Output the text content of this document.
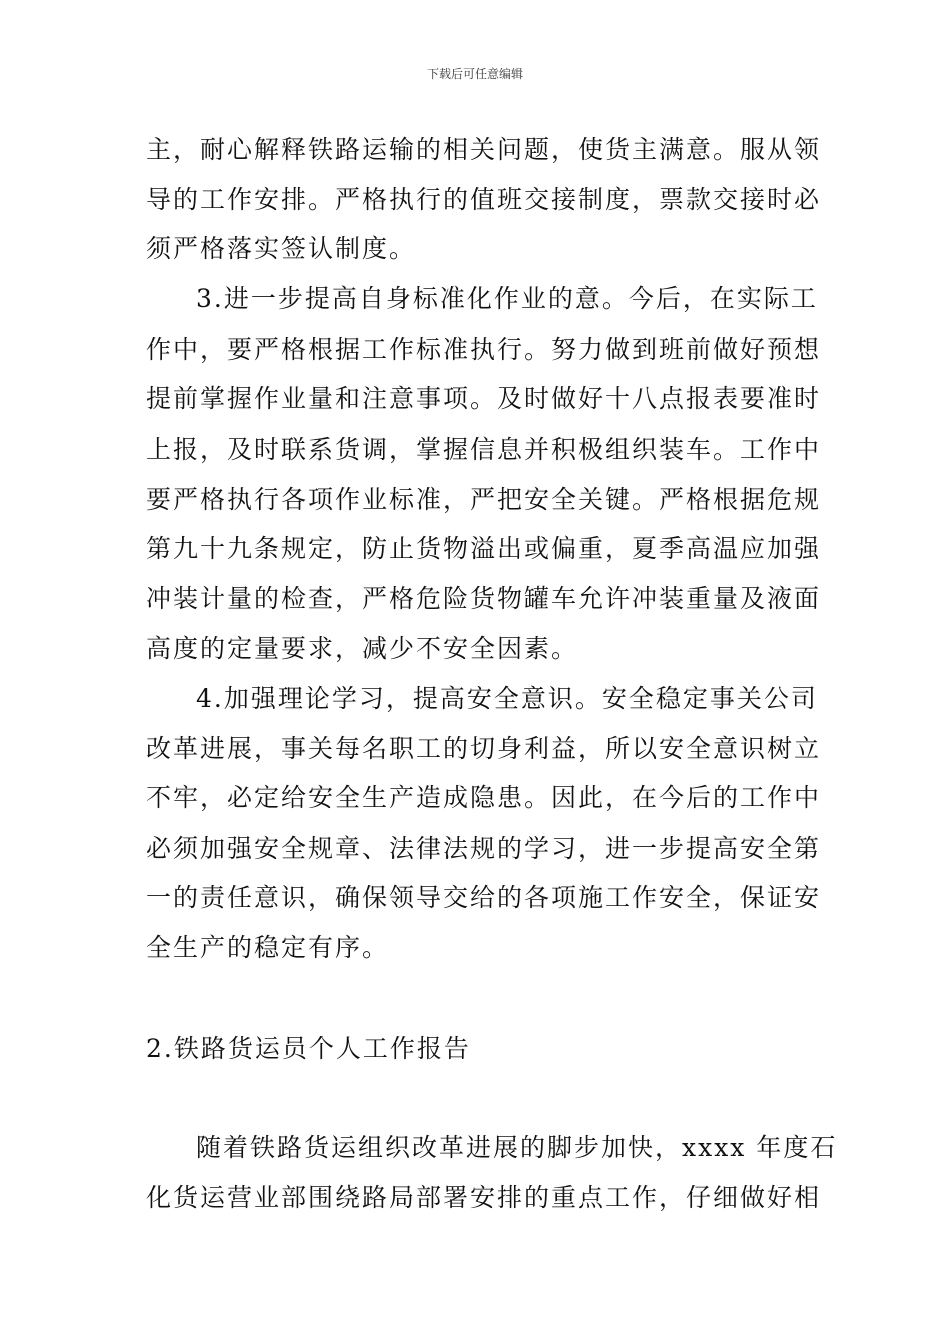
下载后可任意编辑
主，耐心解释铁路运输的相关问题，使货主满意。服从领
导的工作安排。严格执行的值班交接制度，票款交接时必
须严格落实签认制度。
3.进一步提高自身标准化作业的意。今后，在实际工
作中，要严格根据工作标准执行。努力做到班前做好预想
提前掌握作业量和注意事项。及时做好十八点报表要准时
上报，及时联系货调，掌握信息并积极组织装车。工作中
要严格执行各项作业标准，严把安全关键。严格根据危规
第九十九条规定，防止货物溢出或偏重，夏季高温应加强
冲装计量的检查，严格危险货物罐车允许冲装重量及液面
高度的定量要求，减少不安全因素。
4.加强理论学习，提高安全意识。安全稳定事关公司
改革进展，事关每名职工的切身利益，所以安全意识树立
不牢，必定给安全生产造成隐患。因此，在今后的工作中
必须加强安全规章、法律法规的学习，进一步提高安全第
一的责任意识，确保领导交给的各项施工作安全，保证安
全生产的稳定有序。
2.铁路货运员个人工作报告
随着铁路货运组织改革进展的脚步加快，xxxx 年度石
化货运营业部围绕路局部署安排的重点工作，仔细做好相
